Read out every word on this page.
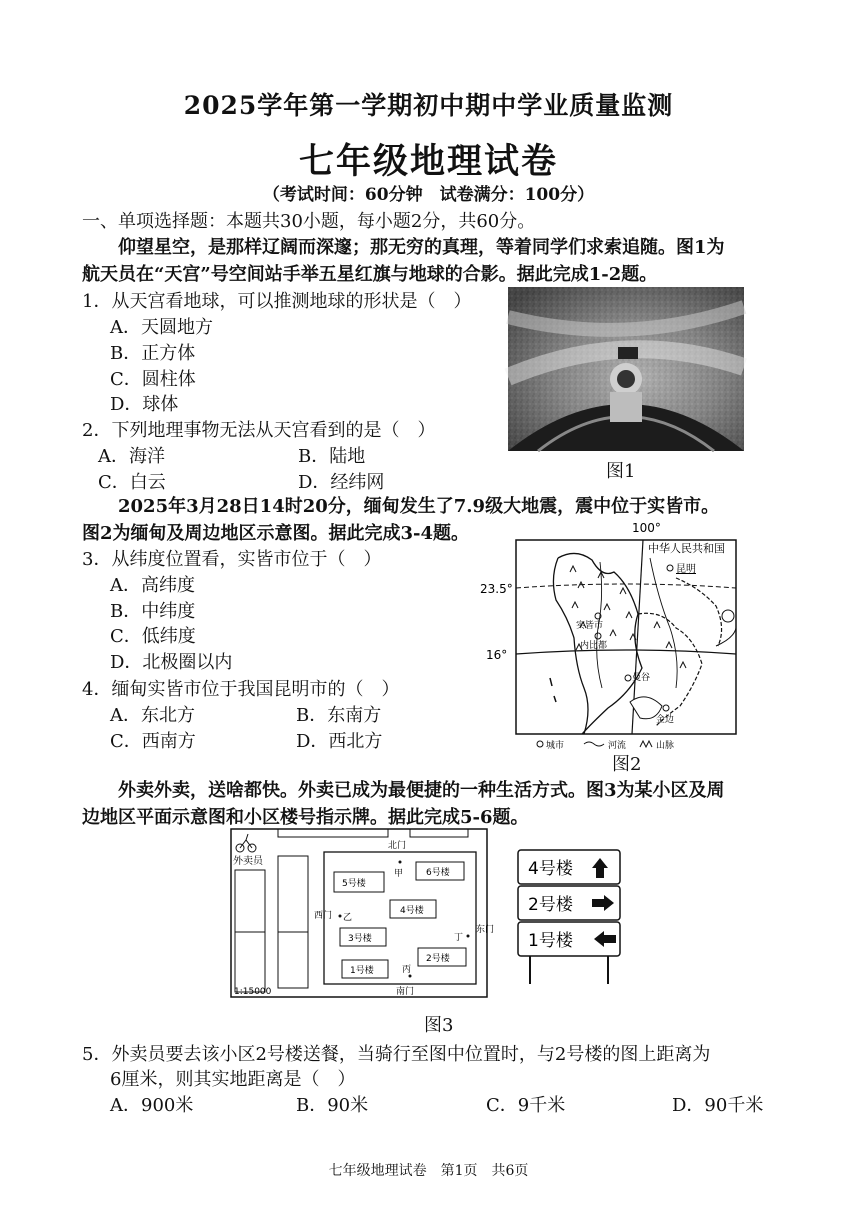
2025学年第一学期初中期中学业质量监测
七年级地理试卷
（考试时间：60分钟　试卷满分：100分）
一、单项选择题：本题共30小题，每小题2分，共60分。
仰望星空，是那样辽阔而深邃；那无穷的真理，等着同学们求索追随。图1为
航天员在“天宫”号空间站手举五星红旗与地球的合影。据此完成1-2题。
1．从天宫看地球，可以推测地球的形状是（　）
A．天圆地方
B．正方体
C．圆柱体
D．球体
2．下列地理事物无法从天宫看到的是（　）
A．海洋	B．陆地
C．白云	D．经纬网
图1
2025年3月28日14时20分，缅甸发生了7.9级大地震，震中位于实皆市。
图2为缅甸及周边地区示意图。据此完成3-4题。
3．从纬度位置看，实皆市位于（　）
A．高纬度
B．中纬度
C．低纬度
D．北极圈以内
4．缅甸实皆市位于我国昆明市的（　）
A．东北方	B．东南方
C．西南方	D．西北方
100°
23.5°
16°
中华人民共和国
昆明
实皆市
内比都
曼谷
金边
城市	河流	山脉
图2
外卖外卖，送啥都快。外卖已成为最便捷的一种生活方式。图3为某小区及周
边地区平面示意图和小区楼号指示牌。据此完成5-6题。
外卖员
北门
南门
西门
东门
5号楼
6号楼
4号楼
3号楼
2号楼
1号楼
甲
乙
丙
丁
1:15000
4号楼
2号楼
1号楼
图3
5．外卖员要去该小区2号楼送餐，当骑行至图中位置时，与2号楼的图上距离为
6厘米，则其实地距离是（　）
A．900米	B．90米	C．9千米	D．90千米
七年级地理试卷　第1页　共6页
